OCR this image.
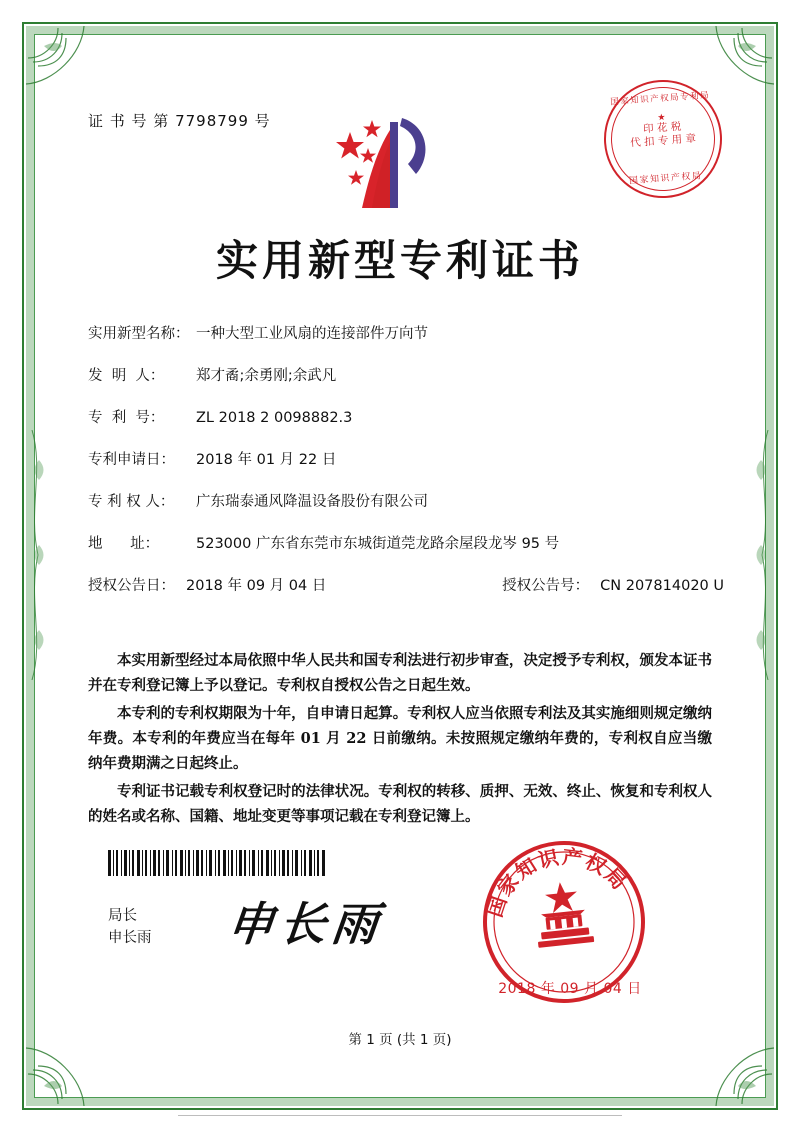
证 书 号 第 7798799 号
国家知识产权局专利局
★
印 花 税
代 扣 专 用 章
国家知识产权局
实用新型专利证书
实用新型名称： 一种大型工业风扇的连接部件万向节
发  明  人：	郑才矞;余勇刚;余武凡
专  利  号：	ZL 2018 2 0098882.3
专利申请日：	2018 年 01 月 22 日
专 利 权 人：	广东瑞泰通风降温设备股份有限公司
地      址：	523000 广东省东莞市东城街道莞龙路余屋段龙岑 95 号
授权公告日： 2018 年 09 月 04 日	授权公告号： CN 207814020 U

本实用新型经过本局依照中华人民共和国专利法进行初步审查，决定授予专利权，颁发本证书并在专利登记簿上予以登记。专利权自授权公告之日起生效。

本专利的专利权期限为十年，自申请日起算。专利权人应当依照专利法及其实施细则规定缴纳年费。本专利的年费应当在每年 01 月 22 日前缴纳。未按照规定缴纳年费的，专利权自应当缴纳年费期满之日起终止。

专利证书记载专利权登记时的法律状况。专利权的转移、质押、无效、终止、恢复和专利权人的姓名或名称、国籍、地址变更等事项记载在专利登记簿上。

局长
申长雨 申长雨	国家知识产权局
2018 年 09 月 04 日
第 1 页 (共 1 页)
